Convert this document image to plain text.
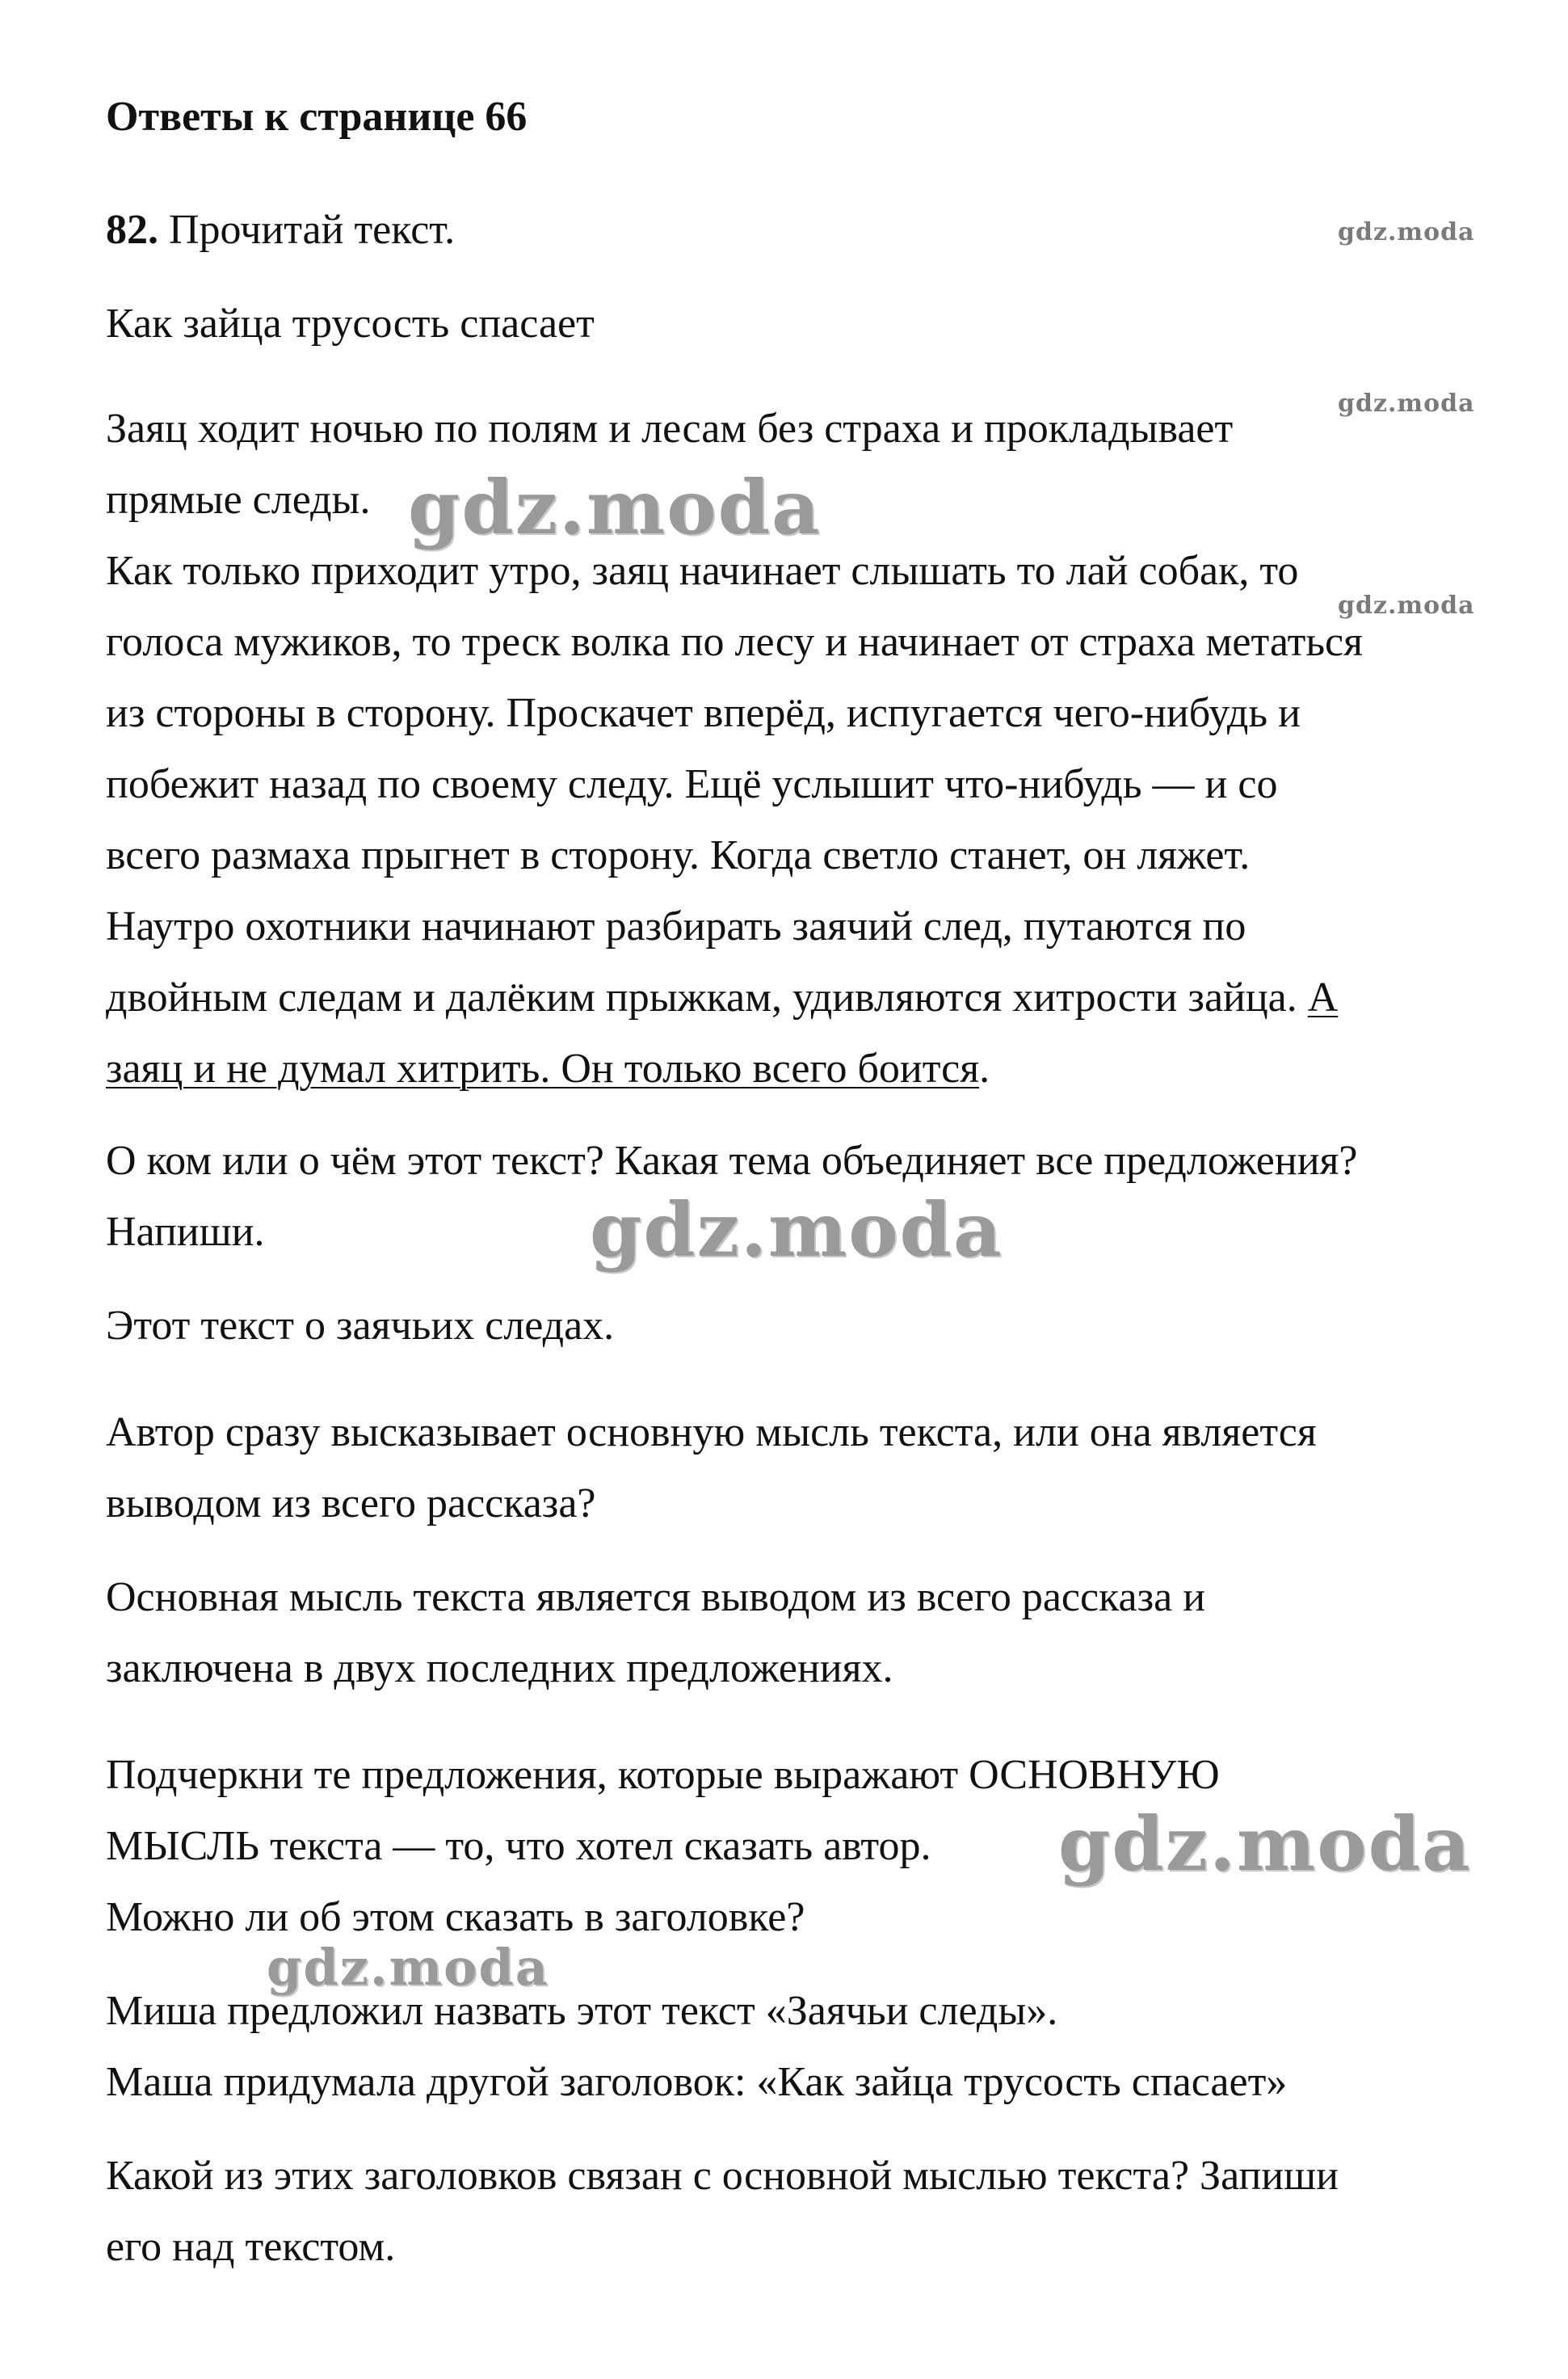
Ответы к странице 66
82. Прочитай текст.
Как зайца трусость спасает
Заяц ходит ночью по полям и лесам без страха и прокладывает
прямые следы.
Как только приходит утро, заяц начинает слышать то лай собак, то
голоса мужиков, то треск волка по лесу и начинает от страха метаться
из стороны в сторону. Проскачет вперёд, испугается чего-нибудь и
побежит назад по своему следу. Ещё услышит что-нибудь — и со
всего размаха прыгнет в сторону. Когда светло станет, он ляжет.
Наутро охотники начинают разбирать заячий след, путаются по
двойным следам и далёким прыжкам, удивляются хитрости зайца. А
заяц и не думал хитрить. Он только всего боится.
О ком или о чём этот текст? Какая тема объединяет все предложения?
Напиши.
Этот текст о заячьих следах.
Автор сразу высказывает основную мысль текста, или она является
выводом из всего рассказа?
Основная мысль текста является выводом из всего рассказа и
заключена в двух последних предложениях.
Подчеркни те предложения, которые выражают ОСНОВНУЮ
МЫСЛЬ текста — то, что хотел сказать автор.
Можно ли об этом сказать в заголовке?
Миша предложил назвать этот текст «Заячьи следы».
Маша придумала другой заголовок: «Как зайца трусость спасает»
Какой из этих заголовков связан с основной мыслью текста? Запиши
его над текстом.
gdz.moda
gdz.moda
gdz.moda
gdz.moda
gdz.moda
gdz.moda
gdz.moda
